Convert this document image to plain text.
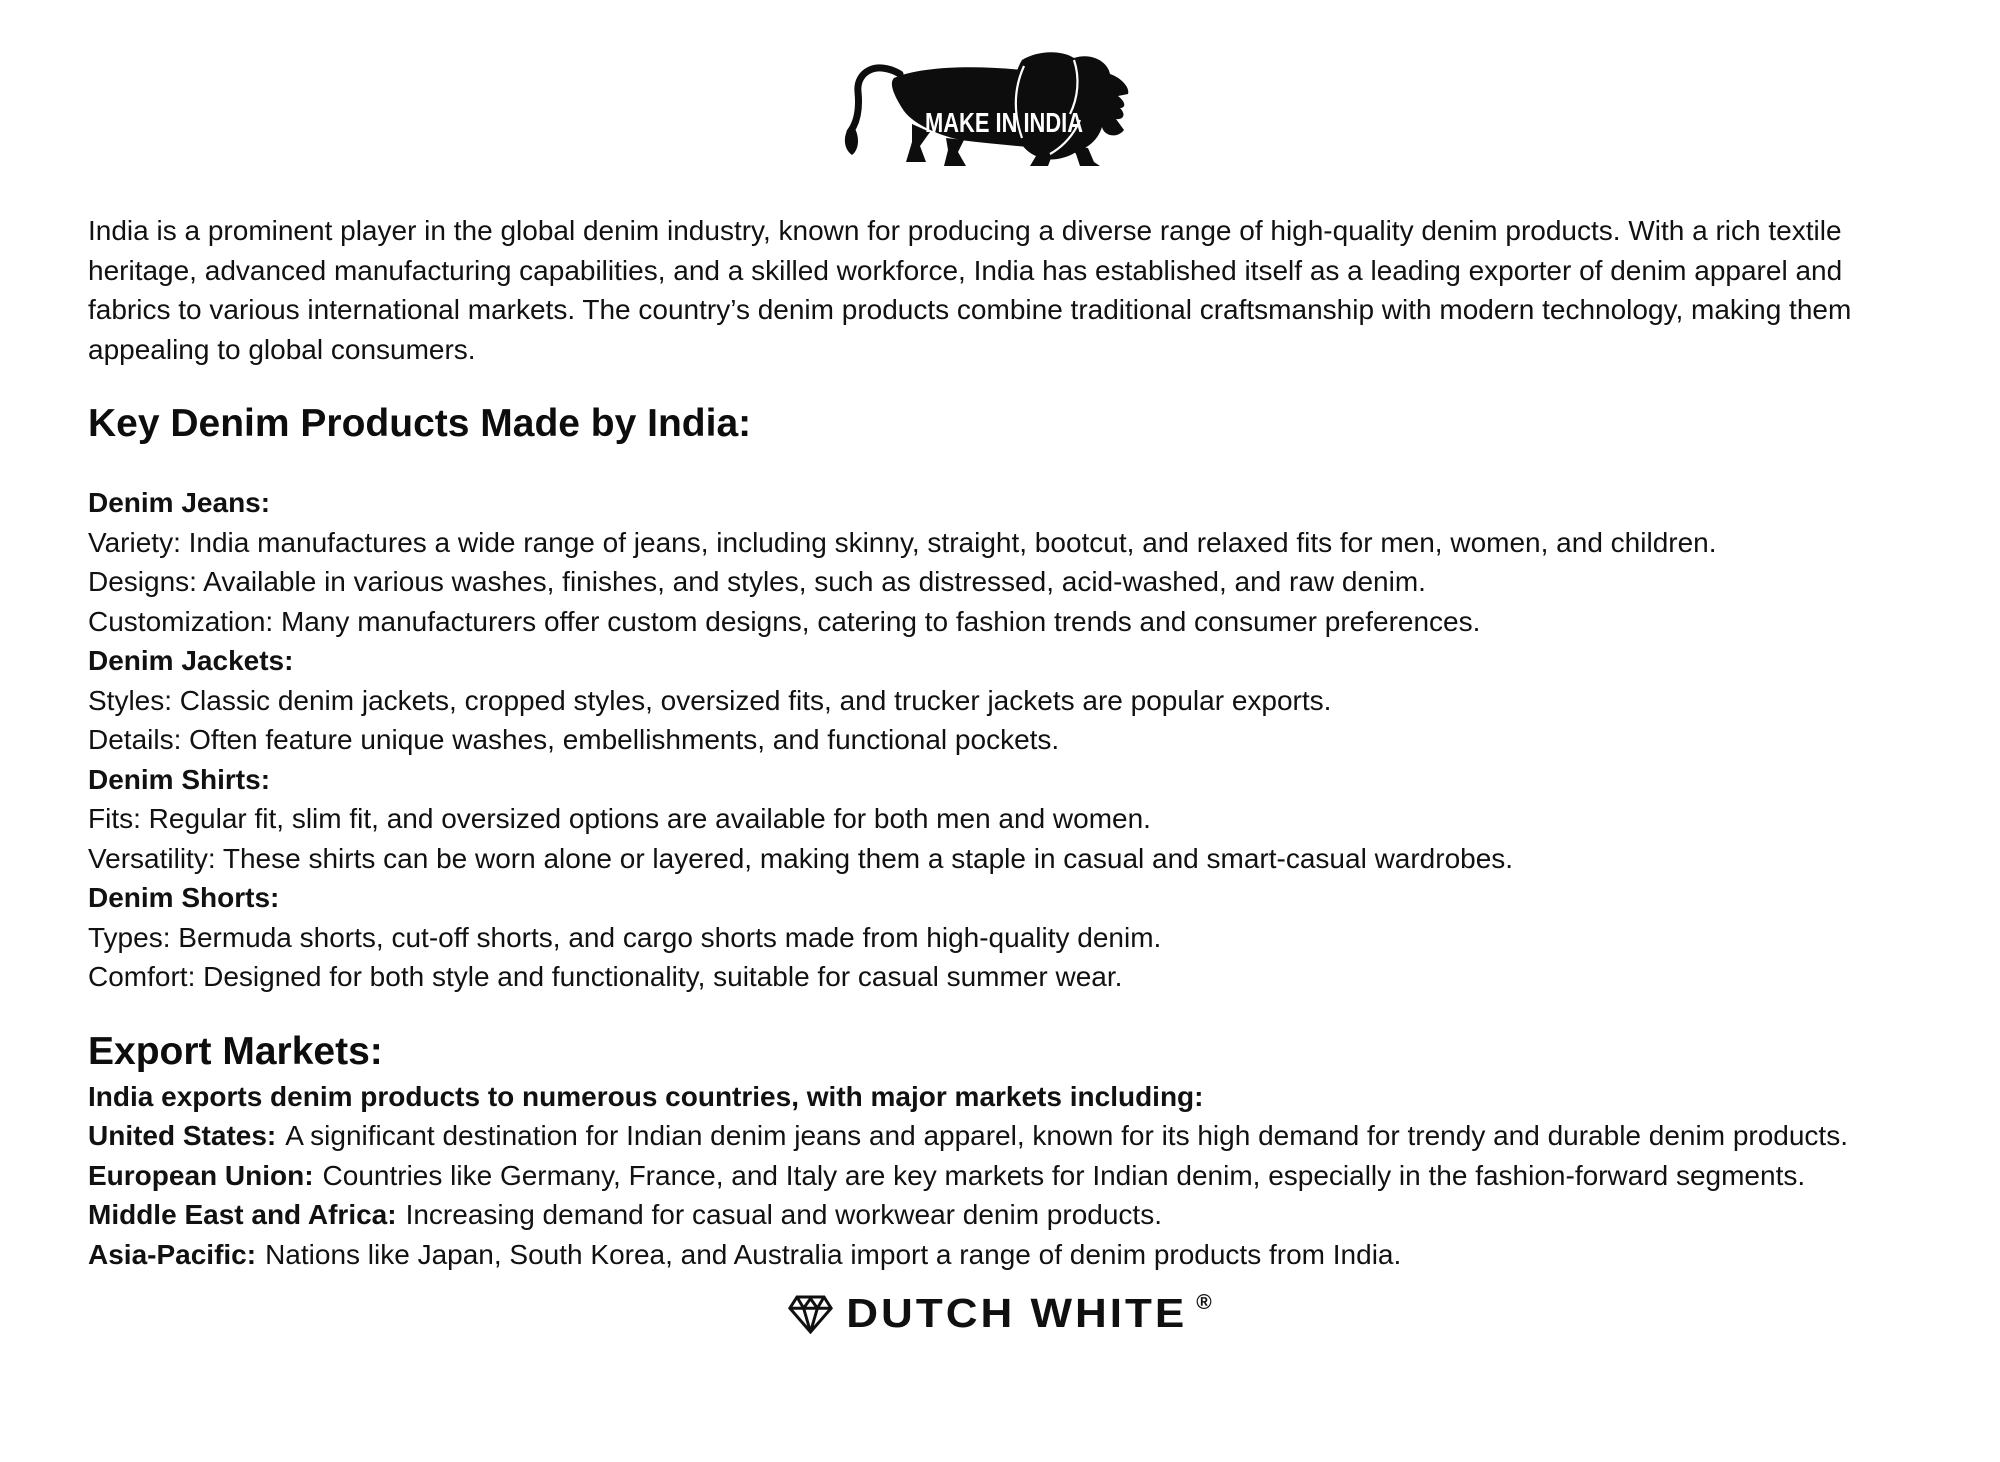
MAKE IN INDIA
India is a prominent player in the global denim industry, known for producing a diverse range of high-quality denim products. With a rich textile
heritage, advanced manufacturing capabilities, and a skilled workforce, India has established itself as a leading exporter of denim apparel and
fabrics to various international markets. The country’s denim products combine traditional craftsmanship with modern technology, making them
appealing to global consumers.
Key Denim Products Made by India:
Denim Jeans:
Variety: India manufactures a wide range of jeans, including skinny, straight, bootcut, and relaxed fits for men, women, and children.
Designs: Available in various washes, finishes, and styles, such as distressed, acid-washed, and raw denim.
Customization: Many manufacturers offer custom designs, catering to fashion trends and consumer preferences.
Denim Jackets:
Styles: Classic denim jackets, cropped styles, oversized fits, and trucker jackets are popular exports.
Details: Often feature unique washes, embellishments, and functional pockets.
Denim Shirts:
Fits: Regular fit, slim fit, and oversized options are available for both men and women.
Versatility: These shirts can be worn alone or layered, making them a staple in casual and smart-casual wardrobes.
Denim Shorts:
Types: Bermuda shorts, cut-off shorts, and cargo shorts made from high-quality denim.
Comfort: Designed for both style and functionality, suitable for casual summer wear.
Export Markets:
India exports denim products to numerous countries, with major markets including:
United States: A significant destination for Indian denim jeans and apparel, known for its high demand for trendy and durable denim products.
European Union: Countries like Germany, France, and Italy are key markets for Indian denim, especially in the fashion-forward segments.
Middle East and Africa: Increasing demand for casual and workwear denim products.
Asia-Pacific: Nations like Japan, South Korea, and Australia import a range of denim products from India.
DUTCH WHITE ®
